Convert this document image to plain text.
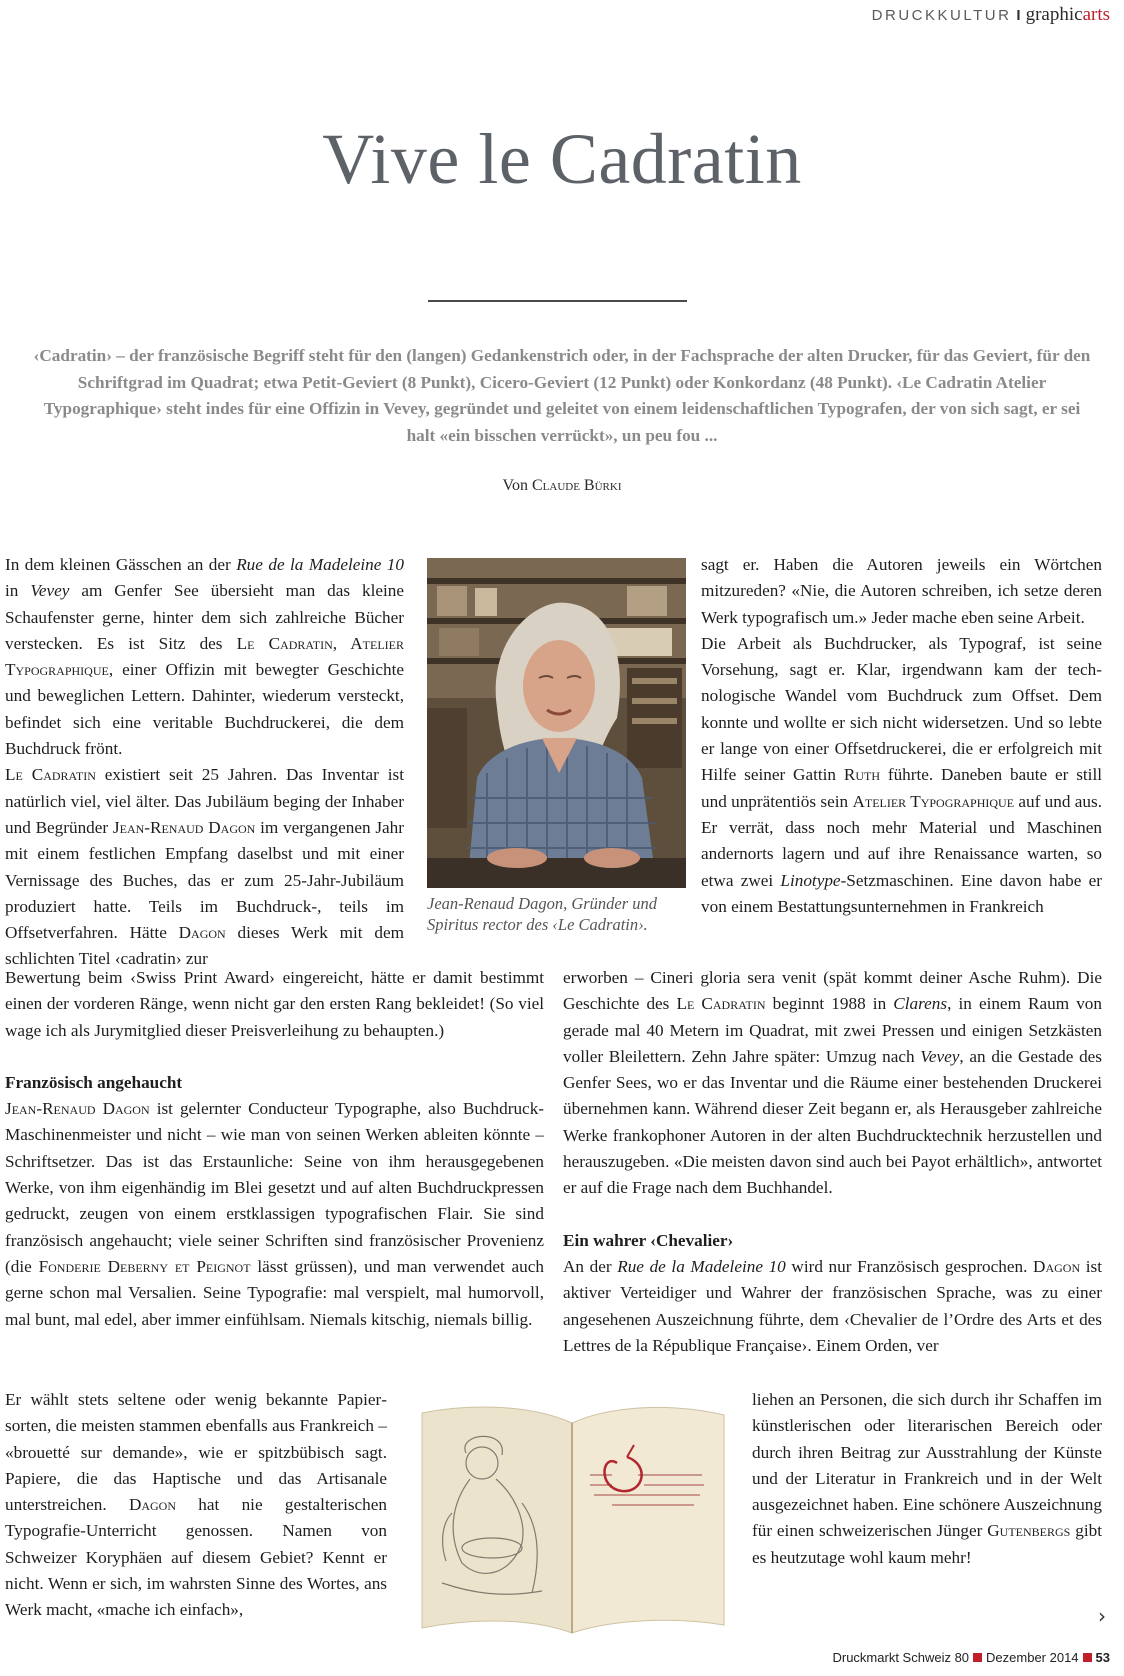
DRUCKKULTUR I graphicarts
Vive le Cadratin

‹Cadratin› – der französische Begriff steht für den (langen) Gedankenstrich oder, in der Fachsprache der alten Drucker, für das Geviert, für den Schriftgrad im Quadrat; etwa Petit-Geviert (8 Punkt), Cicero-Geviert (12 Punkt) oder Konkordanz (48 Punkt). ‹Le Cadratin Atelier Typographique› steht indes für eine Offizin in Vevey, gegründet und geleitet von einem leidenschaftlichen Typografen, der von sich sagt, er sei halt «ein bisschen verrückt», un peu fou ...

Von Claude Bürki

In dem kleinen Gässchen an der Rue de la Madeleine 10 in Vevey am Genfer See übersieht man das kleine Schaufenster gerne, hinter dem sich zahlreiche Bücher verstecken. Es ist Sitz des Le Cadratin, Atelier Typographique, einer Offizin mit bewegter Geschichte und beweglichen Lettern. Dahinter, wiederum versteckt, befindet sich eine veritable Buchdruckerei, die dem Buchdruck frönt.

Le Cadratin existiert seit 25 Jahren. Das Inventar ist natürlich viel, viel älter. Das Jubiläum beging der Inhaber und Begründer Jean-Renaud Dagon im vergangenen Jahr mit einem festlichen Empfang daselbst und mit einer Vernissage des Buches, das er zum 25-Jahr-Jubiläum produziert hatte. Teils im Buchdruck-, teils im Offsetverfahren. Hätte Dagon dieses Werk mit dem schlichten Titel ‹cadratin› zur

Bewertung beim ‹Swiss Print Award› eingereicht, hätte er damit bestimmt einen der vorderen Ränge, wenn nicht gar den ersten Rang bekleidet! (So viel wage ich als Jurymitglied dieser Preisverleihung zu behaupten.)

Französisch angehaucht

Jean-Renaud Dagon ist gelernter Conducteur Typographe, also Buchdruck-Maschinenmeister und nicht – wie man von seinen Werken ableiten könnte – Schriftsetzer. Das ist das Erstaunliche: Seine von ihm herausgegebenen Werke, von ihm eigenhändig im Blei gesetzt und auf alten Buchdruckpressen gedruckt, zeugen von einem erstklassigen typografischen Flair. Sie sind französisch angehaucht; viele seiner Schriften sind französischer Provenienz (die Fonderie Deberny et Peignot lässt grüssen), und man verwendet auch gerne schon mal Versalien. Seine Typografie: mal verspielt, mal humorvoll, mal bunt, mal edel, aber immer einfühlsam. Niemals kitschig, niemals billig.

Er wählt stets seltene oder wenig bekannte Papiersorten, die meisten stammen ebenfalls aus Frankreich – «brouetté sur demande», wie er spitzbübisch sagt. Papiere, die das Haptische und das Artisanale unterstreichen. Dagon hat nie gestalterischen Typografie-Unterricht genossen. Namen von Schweizer Koryphäen auf diesem Gebiet? Kennt er nicht. Wenn er sich, im wahrsten Sinne des Wortes, ans Werk macht, «mache ich einfach»,

sagt er. Haben die Autoren jeweils ein Wörtchen mitzureden? «Nie, die Autoren schreiben, ich setze deren Werk typografisch um.» Jeder mache eben seine Arbeit.

Die Arbeit als Buchdrucker, als Typograf, ist seine Vorsehung, sagt er. Klar, irgendwann kam der technologische Wandel vom Buchdruck zum Offset. Dem konnte und wollte er sich nicht widersetzen. Und so lebte er lange von einer Offsetdruckerei, die er erfolgreich mit Hilfe seiner Gattin Ruth führte. Daneben baute er still und unprätentiös sein Atelier Typographique auf und aus. Er verrät, dass noch mehr Material und Maschinen andernorts lagern und auf ihre Renaissance warten, so etwa zwei Linotype-Setzmaschinen. Eine davon habe er von einem Bestattungsunternehmen in Frankreich

erworben – Cineri gloria sera venit (spät kommt deiner Asche Ruhm). Die Geschichte des Le Cadratin beginnt 1988 in Clarens, in einem Raum von gerade mal 40 Metern im Quadrat, mit zwei Pressen und einigen Setzkästen voller Bleilettern. Zehn Jahre später: Umzug nach Vevey, an die Gestade des Genfer Sees, wo er das Inventar und die Räume einer bestehenden Druckerei übernehmen kann. Während dieser Zeit begann er, als Herausgeber zahlreiche Werke frankophoner Autoren in der alten Buchdrucktechnik herzustellen und herauszugeben. «Die meisten davon sind auch bei Payot erhältlich», antwortet er auf die Frage nach dem Buchhandel.

Ein wahrer ‹Chevalier›

An der Rue de la Madeleine 10 wird nur Französisch gesprochen. Dagon ist aktiver Verteidiger und Wahrer der französischen Sprache, was zu einer angesehenen Auszeichnung führte, dem ‹Chevalier de l’Ordre des Arts et des Lettres de la République Française›. Einem Orden, ver

liehen an Personen, die sich durch ihr Schaffen im künstlerischen oder literarischen Bereich oder durch ihren Beitrag zur Ausstrahlung der Künste und der Literatur in Frankreich und in der Welt ausgezeichnet haben. Eine schönere Auszeichnung für einen schweizerischen Jünger Gutenbergs gibt es heutzutage wohl kaum mehr!

Jean-Renaud Dagon, Gründer und Spiritus rector des ‹Le Cadratin›.

›
Druckmarkt Schweiz 80 Dezember 2014 53
